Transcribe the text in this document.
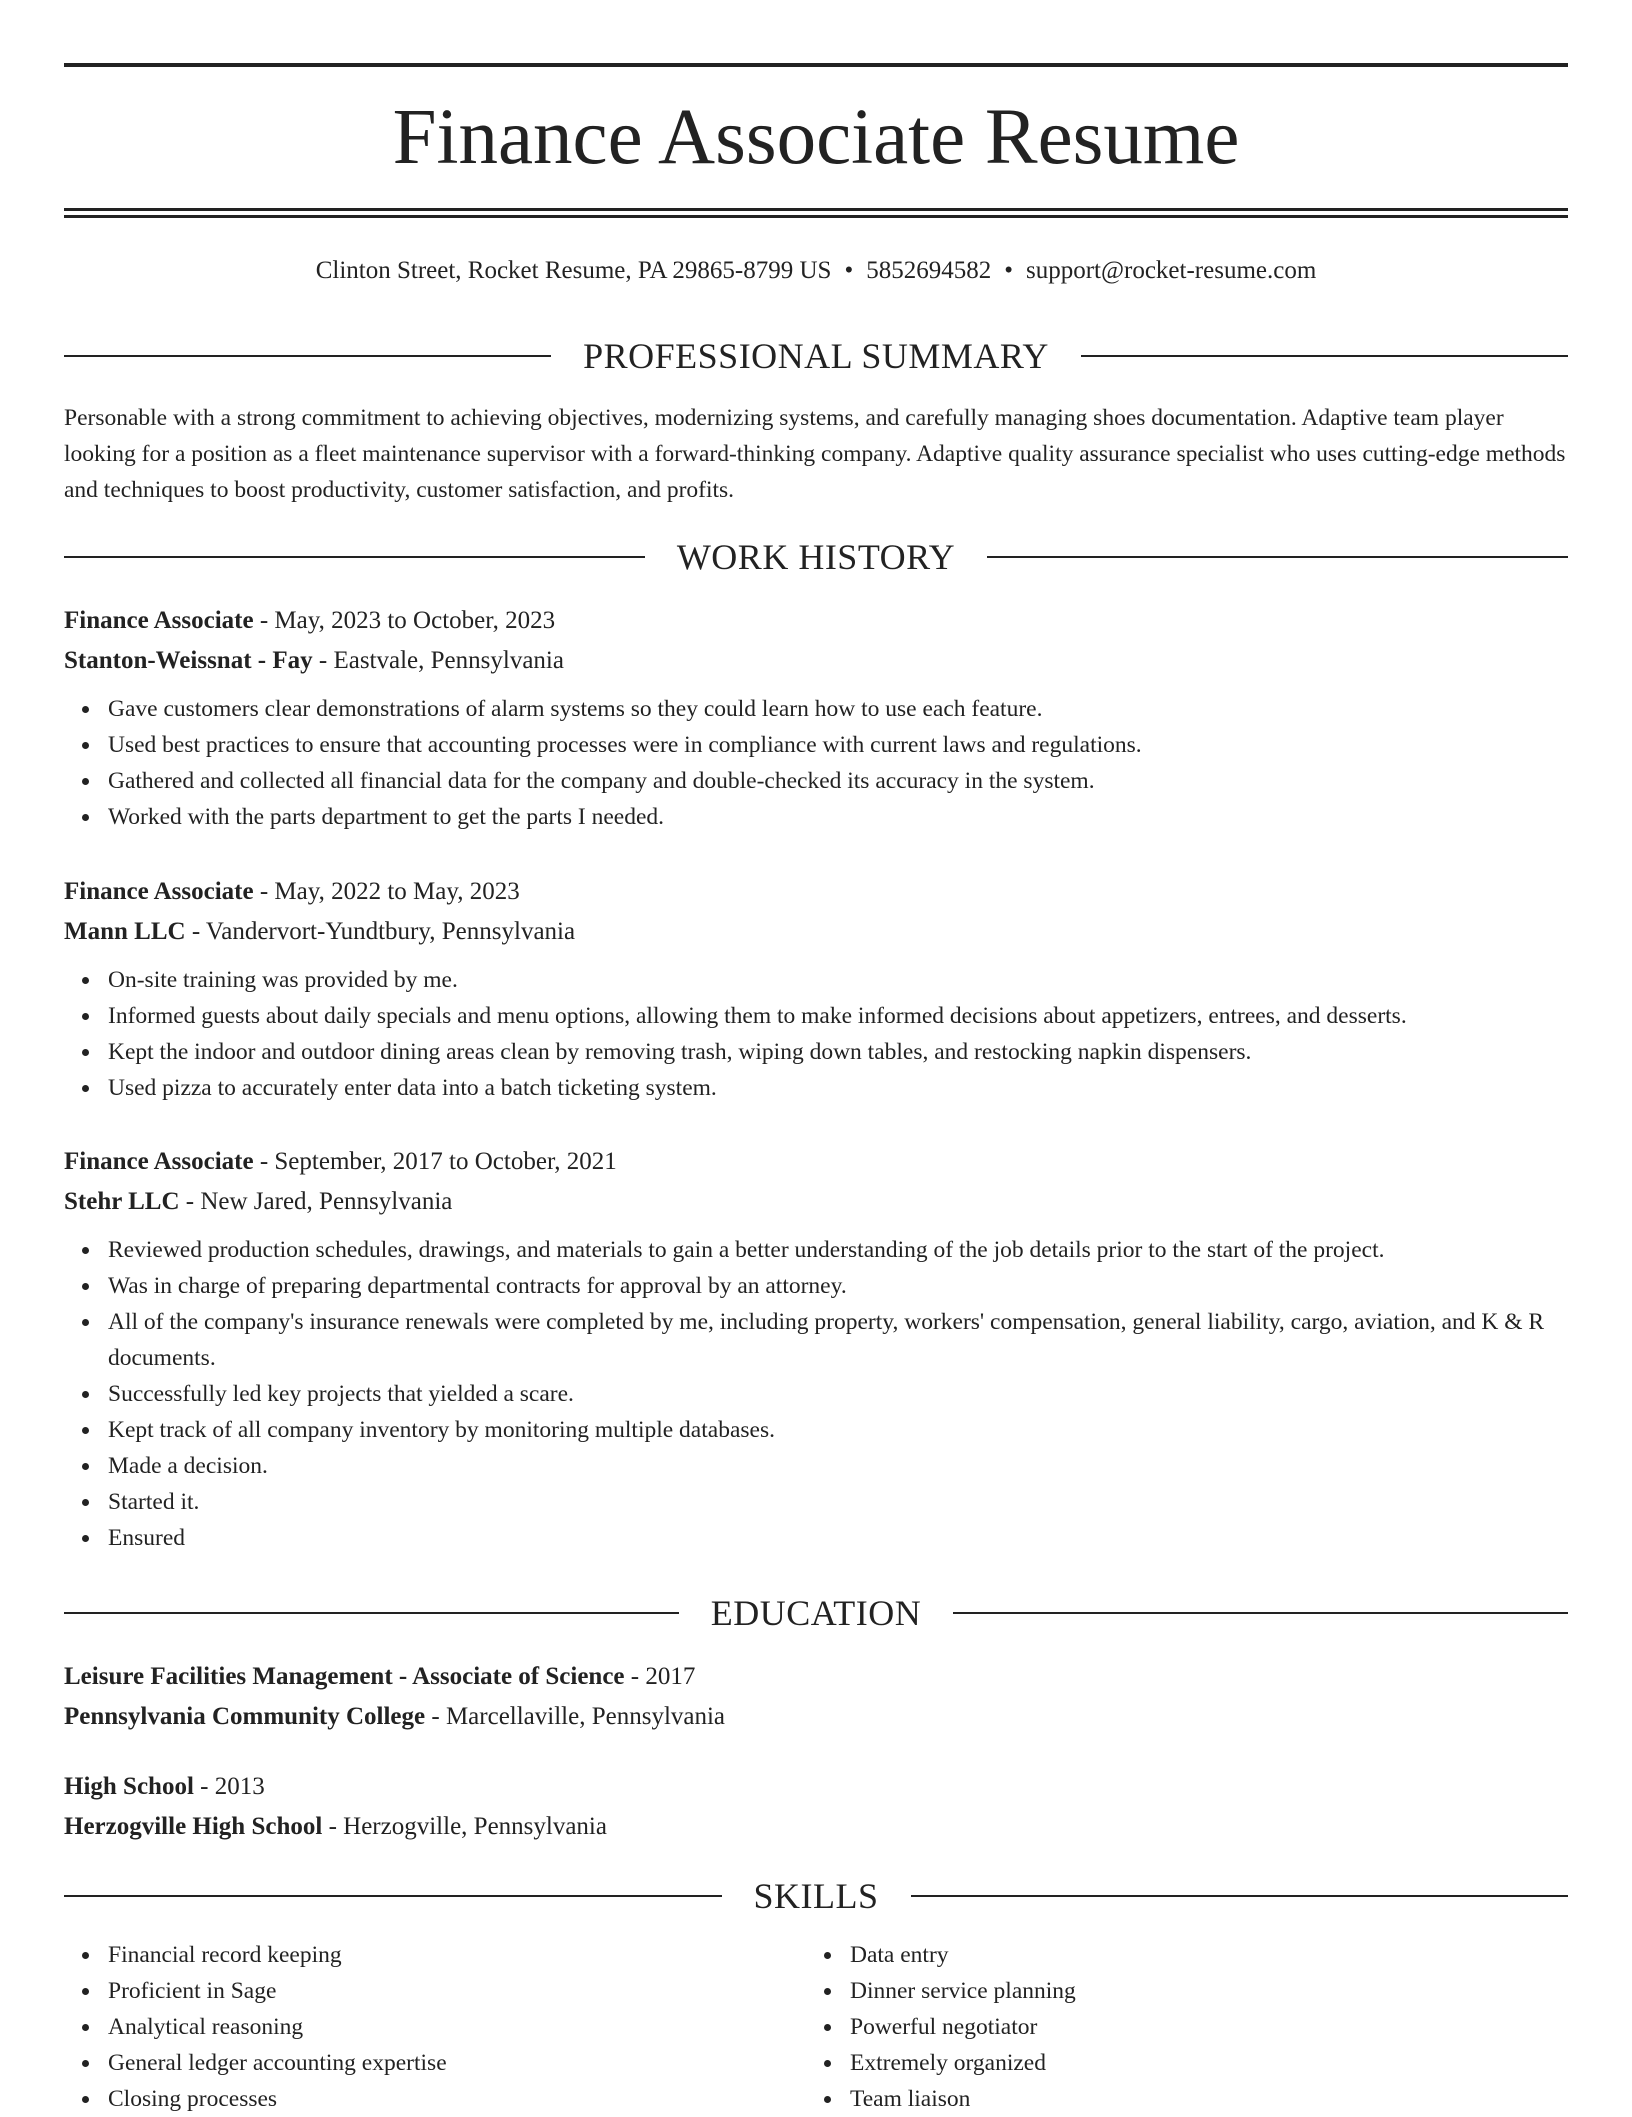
Finance Associate Resume
Clinton Street, Rocket Resume, PA 29865-8799 US • 5852694582 • support@rocket-resume.com
PROFESSIONAL SUMMARY

Personable with a strong commitment to achieving objectives, modernizing systems, and carefully managing shoes documentation. Adaptive team player looking for a position as a fleet maintenance supervisor with a forward-thinking company. Adaptive quality assurance specialist who uses cutting-edge methods and techniques to boost productivity, customer satisfaction, and profits.

WORK HISTORY
Finance Associate - May, 2023 to October, 2023
Stanton-Weissnat - Fay - Eastvale, Pennsylvania
Gave customers clear demonstrations of alarm systems so they could learn how to use each feature.
Used best practices to ensure that accounting processes were in compliance with current laws and regulations.
Gathered and collected all financial data for the company and double-checked its accuracy in the system.
Worked with the parts department to get the parts I needed.
Finance Associate - May, 2022 to May, 2023
Mann LLC - Vandervort-Yundtbury, Pennsylvania
On-site training was provided by me.
Informed guests about daily specials and menu options, allowing them to make informed decisions about appetizers, entrees, and desserts.
Kept the indoor and outdoor dining areas clean by removing trash, wiping down tables, and restocking napkin dispensers.
Used pizza to accurately enter data into a batch ticketing system.
Finance Associate - September, 2017 to October, 2021
Stehr LLC - New Jared, Pennsylvania
Reviewed production schedules, drawings, and materials to gain a better understanding of the job details prior to the start of the project.
Was in charge of preparing departmental contracts for approval by an attorney.
All of the company's insurance renewals were completed by me, including property, workers' compensation, general liability, cargo, aviation, and K & R documents.
Successfully led key projects that yielded a scare.
Kept track of all company inventory by monitoring multiple databases.
Made a decision.
Started it.
Ensured
EDUCATION
Leisure Facilities Management - Associate of Science - 2017
Pennsylvania Community College - Marcellaville, Pennsylvania
High School - 2013
Herzogville High School - Herzogville, Pennsylvania
SKILLS
Financial record keeping
Proficient in Sage
Analytical reasoning
General ledger accounting expertise
Closing processes
Data entry
Dinner service planning
Powerful negotiator
Extremely organized
Team liaison
